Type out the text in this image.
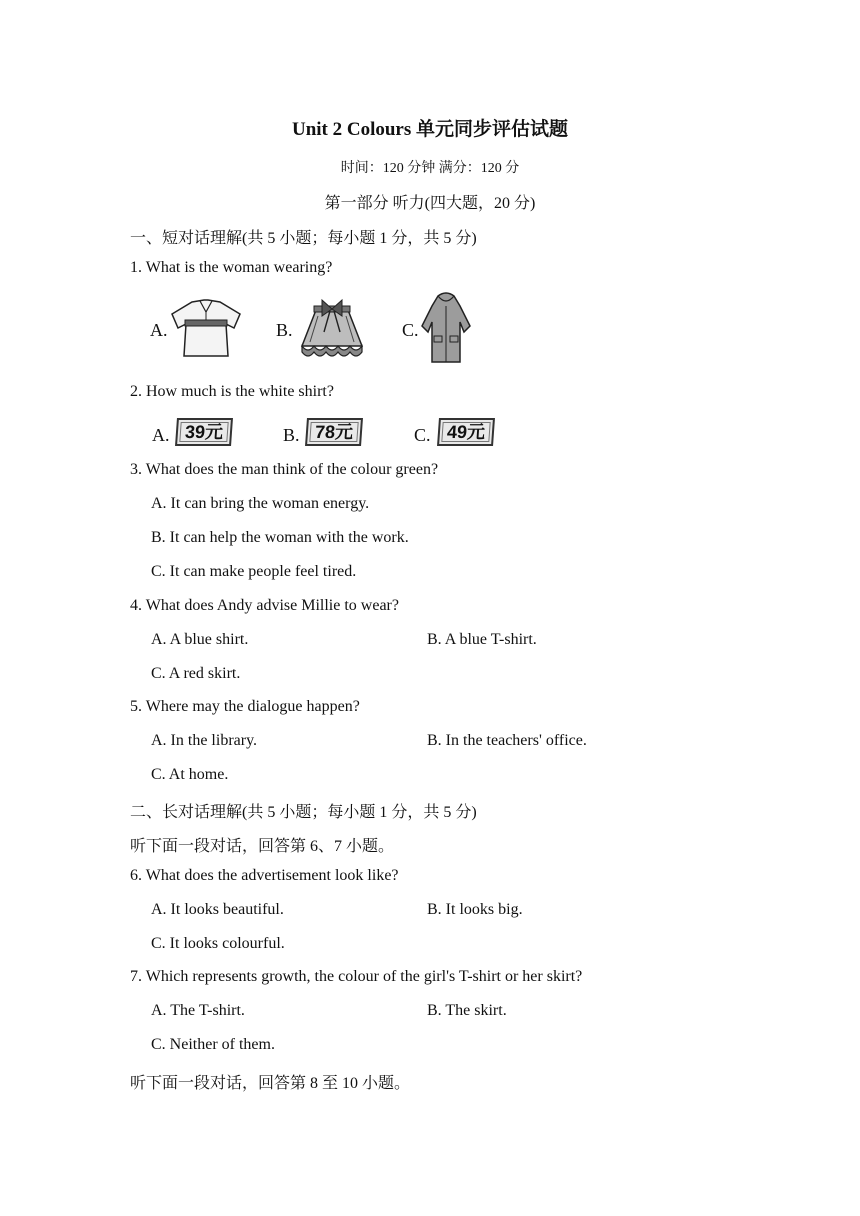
Unit 2 Colours 单元同步评估试题
时间：120 分钟 满分：120 分
第一部分 听力(四大题，20 分)
一、短对话理解(共 5 小题；每小题 1 分，共 5 分)
1. What is the woman wearing?
A.	B.	C.
2. How much is the white shirt?
A. 39元	B. 78元	C. 49元
3. What does the man think of the colour green?
A. It can bring the woman energy.
B. It can help the woman with the work.
C. It can make people feel tired.
4. What does Andy advise Millie to wear?
A. A blue shirt.	B. A blue T-shirt.
C. A red skirt.
5. Where may the dialogue happen?
A. In the library.	B. In the teachers' office.
C. At home.
二、长对话理解(共 5 小题；每小题 1 分，共 5 分)
听下面一段对话，回答第 6、7 小题。
6. What does the advertisement look like?
A. It looks beautiful.	B. It looks big.
C. It looks colourful.
7. Which represents growth, the colour of the girl's T-shirt or her skirt?
A. The T-shirt.	B. The skirt.
C. Neither of them.
听下面一段对话，回答第 8 至 10 小题。
